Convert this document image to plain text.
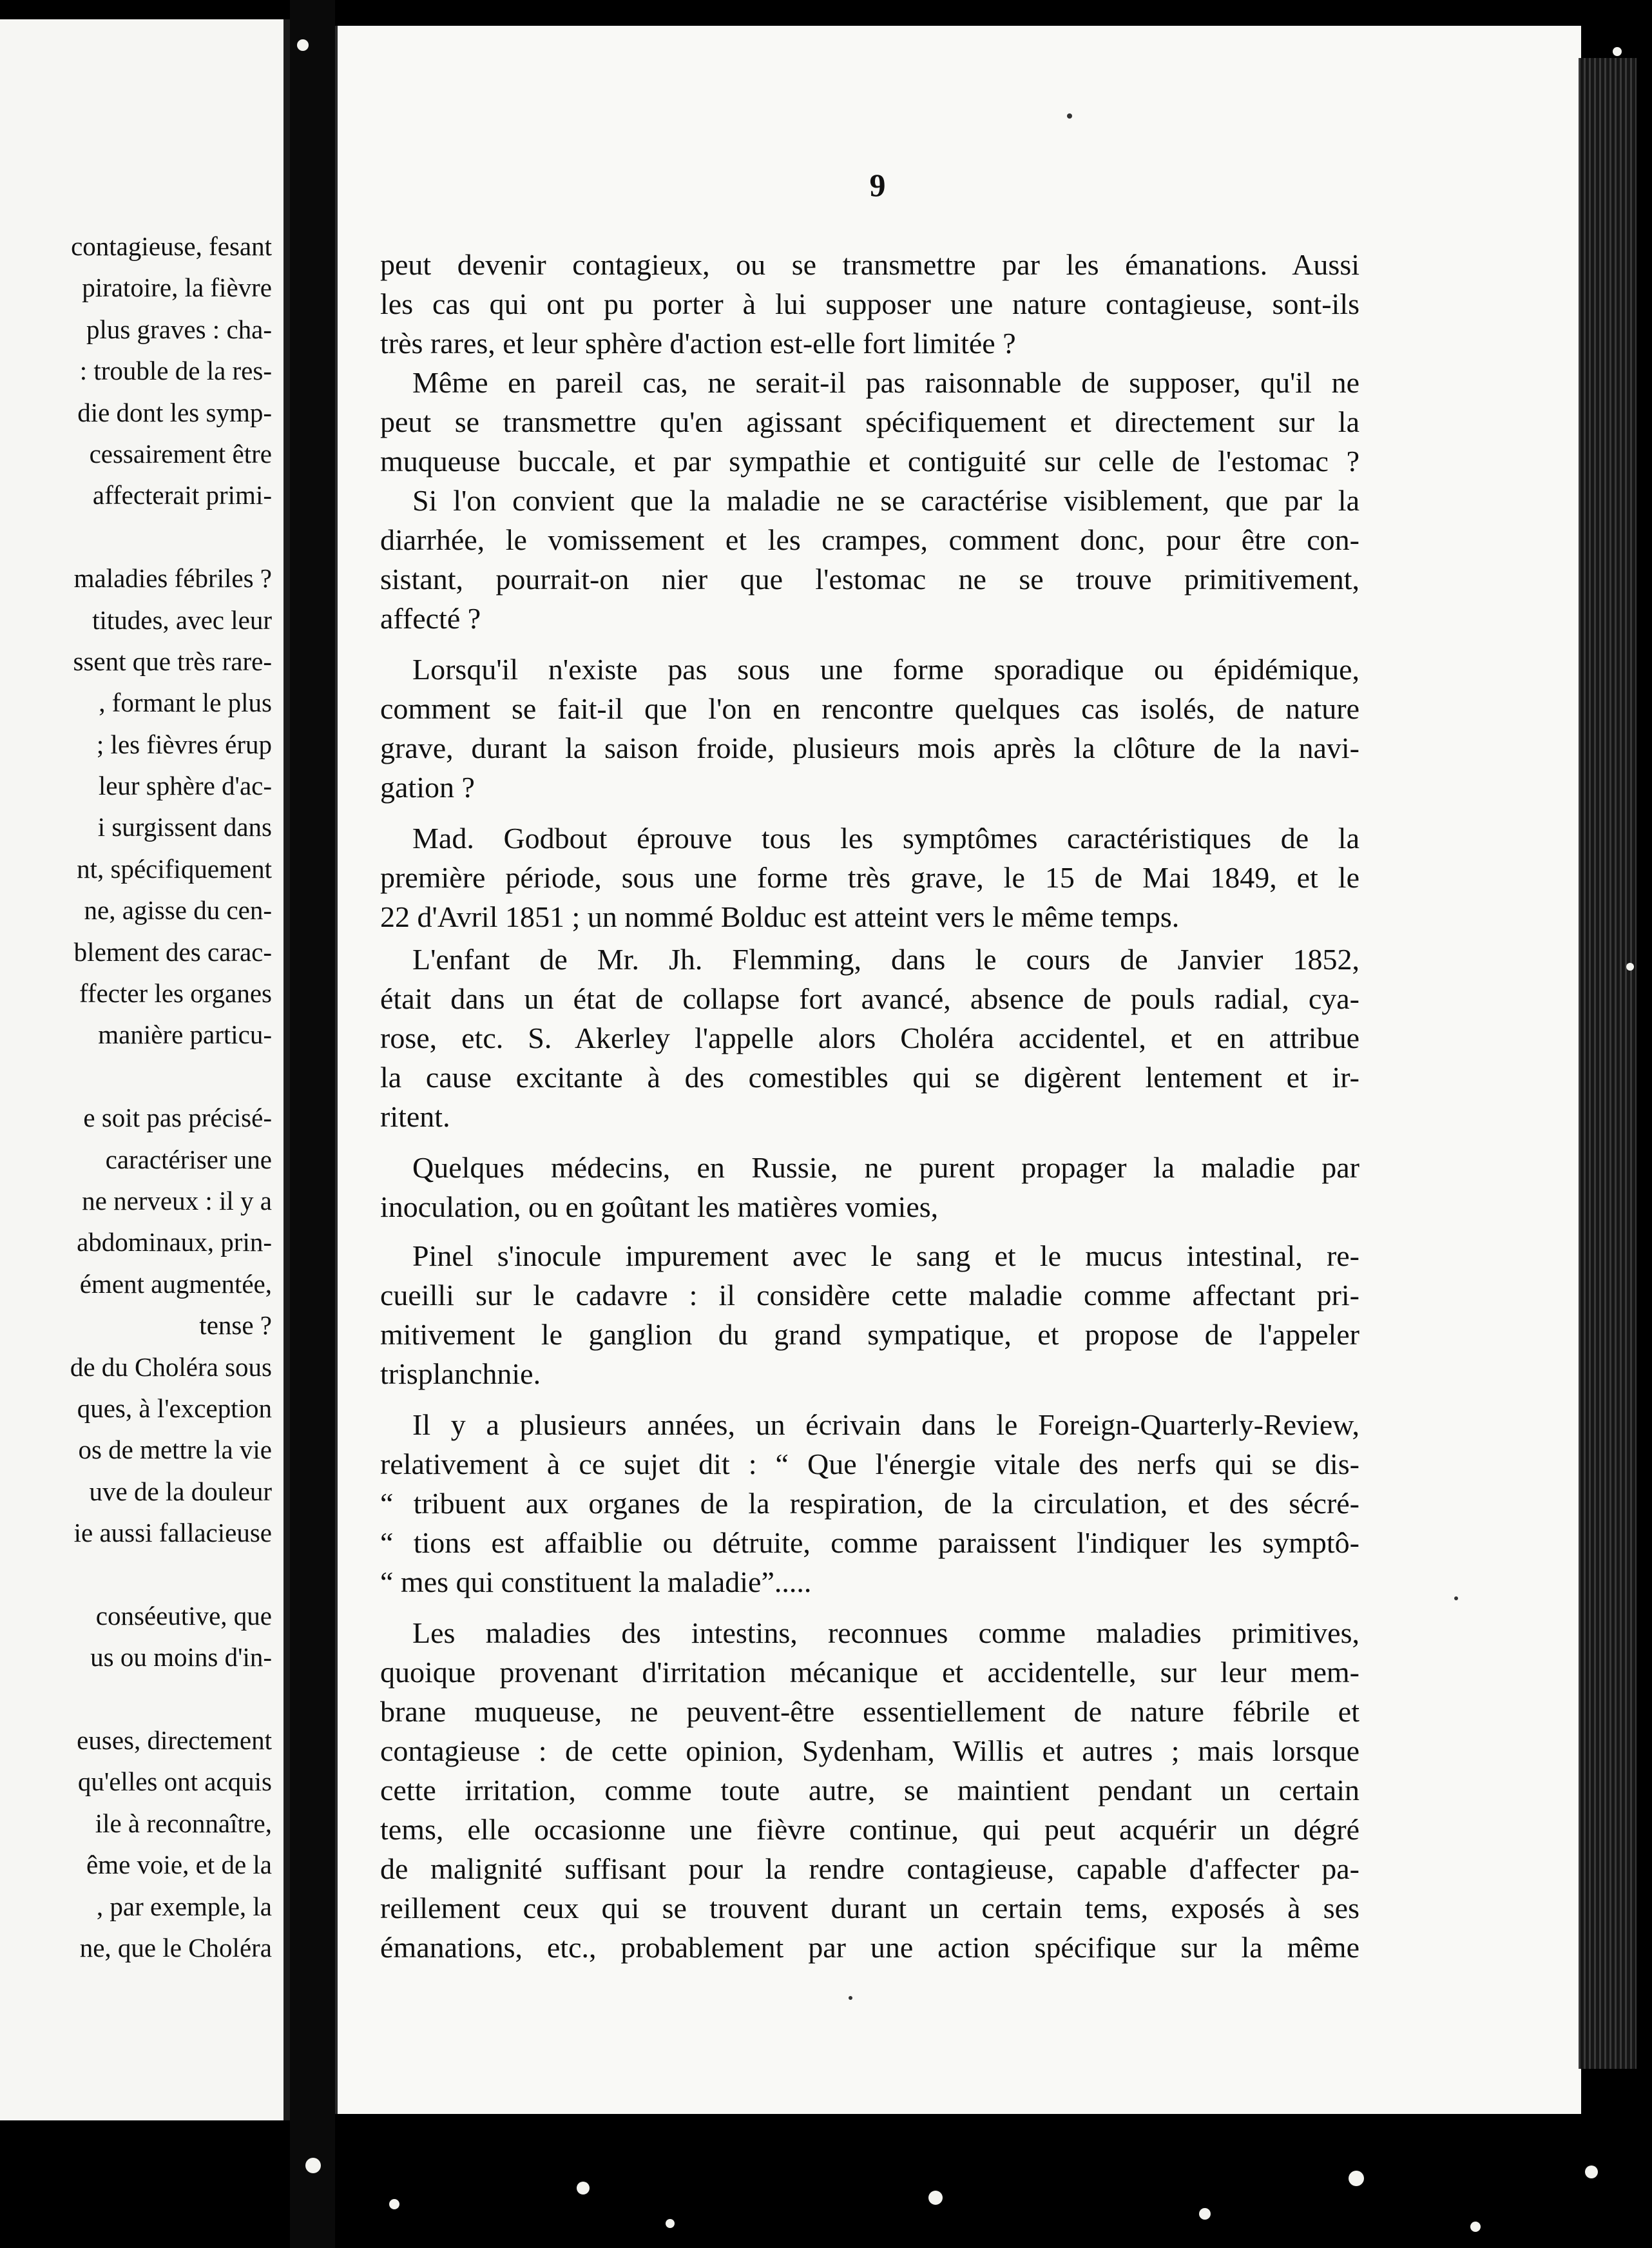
contagieuse, fesant
piratoire, la fièvre
plus graves : cha-
: trouble de la res-
die dont les symp-
cessairement être
affecterait primi-
maladies fébriles ?
titudes, avec leur
ssent que très rare-
, formant le plus
; les fièvres érup
leur sphère d'ac-
i surgissent dans
nt, spécifiquement
ne, agisse du cen-
blement des carac-
ffecter les organes
manière particu-
e soit pas précisé-
caractériser une
ne nerveux : il y a
abdominaux, prin-
ément augmentée,
tense ?
de du Choléra sous
ques, à l'exception
os de mettre la vie
uve de la douleur
ie aussi fallacieuse
conséeutive, que
us ou moins d'in-
euses, directement
qu'elles ont acquis
ile à reconnaître,
ême voie, et de la
, par exemple, la
ne, que le Choléra
9
peut devenir contagieux, ou se transmettre par les émanations. Aussi
les cas qui ont pu porter à lui supposer une nature contagieuse, sont-ils
très rares, et leur sphère d'action est-elle fort limitée ?
Même en pareil cas, ne serait-il pas raisonnable de supposer, qu'il ne
peut se transmettre qu'en agissant spécifiquement et directement sur la
muqueuse buccale, et par sympathie et contiguité sur celle de l'estomac ?
Si l'on convient que la maladie ne se caractérise visiblement, que par la
diarrhée, le vomissement et les crampes, comment donc, pour être con-
sistant, pourrait-on nier que l'estomac ne se trouve primitivement,
affecté ?
Lorsqu'il n'existe pas sous une forme sporadique ou épidémique,
comment se fait-il que l'on en rencontre quelques cas isolés, de nature
grave, durant la saison froide, plusieurs mois après la clôture de la navi-
gation ?
Mad. Godbout éprouve tous les symptômes caractéristiques de la
première période, sous une forme très grave, le 15 de Mai 1849, et le
22 d'Avril 1851 ; un nommé Bolduc est atteint vers le même temps.
L'enfant de Mr. Jh. Flemming, dans le cours de Janvier 1852,
était dans un état de collapse fort avancé, absence de pouls radial, cya-
rose, etc. S. Akerley l'appelle alors Choléra accidentel, et en attribue
la cause excitante à des comestibles qui se digèrent lentement et ir-
ritent.
Quelques médecins, en Russie, ne purent propager la maladie par
inoculation, ou en goûtant les matières vomies,
Pinel s'inocule impurement avec le sang et le mucus intestinal, re-
cueilli sur le cadavre : il considère cette maladie comme affectant pri-
mitivement le ganglion du grand sympatique, et propose de l'appeler
trisplanchnie.
Il y a plusieurs années, un écrivain dans le Foreign-Quarterly-Review,
relativement à ce sujet dit : “ Que l'énergie vitale des nerfs qui se dis-
“ tribuent aux organes de la respiration, de la circulation, et des sécré-
“ tions est affaiblie ou détruite, comme paraissent l'indiquer les symptô-
“ mes qui constituent la maladie”.....
Les maladies des intestins, reconnues comme maladies primitives,
quoique provenant d'irritation mécanique et accidentelle, sur leur mem-
brane muqueuse, ne peuvent-être essentiellement de nature fébrile et
contagieuse : de cette opinion, Sydenham, Willis et autres ; mais lorsque
cette irritation, comme toute autre, se maintient pendant un certain
tems, elle occasionne une fièvre continue, qui peut acquérir un dégré
de malignité suffisant pour la rendre contagieuse, capable d'affecter pa-
reillement ceux qui se trouvent durant un certain tems, exposés à ses
émanations, etc., probablement par une action spécifique sur la même
